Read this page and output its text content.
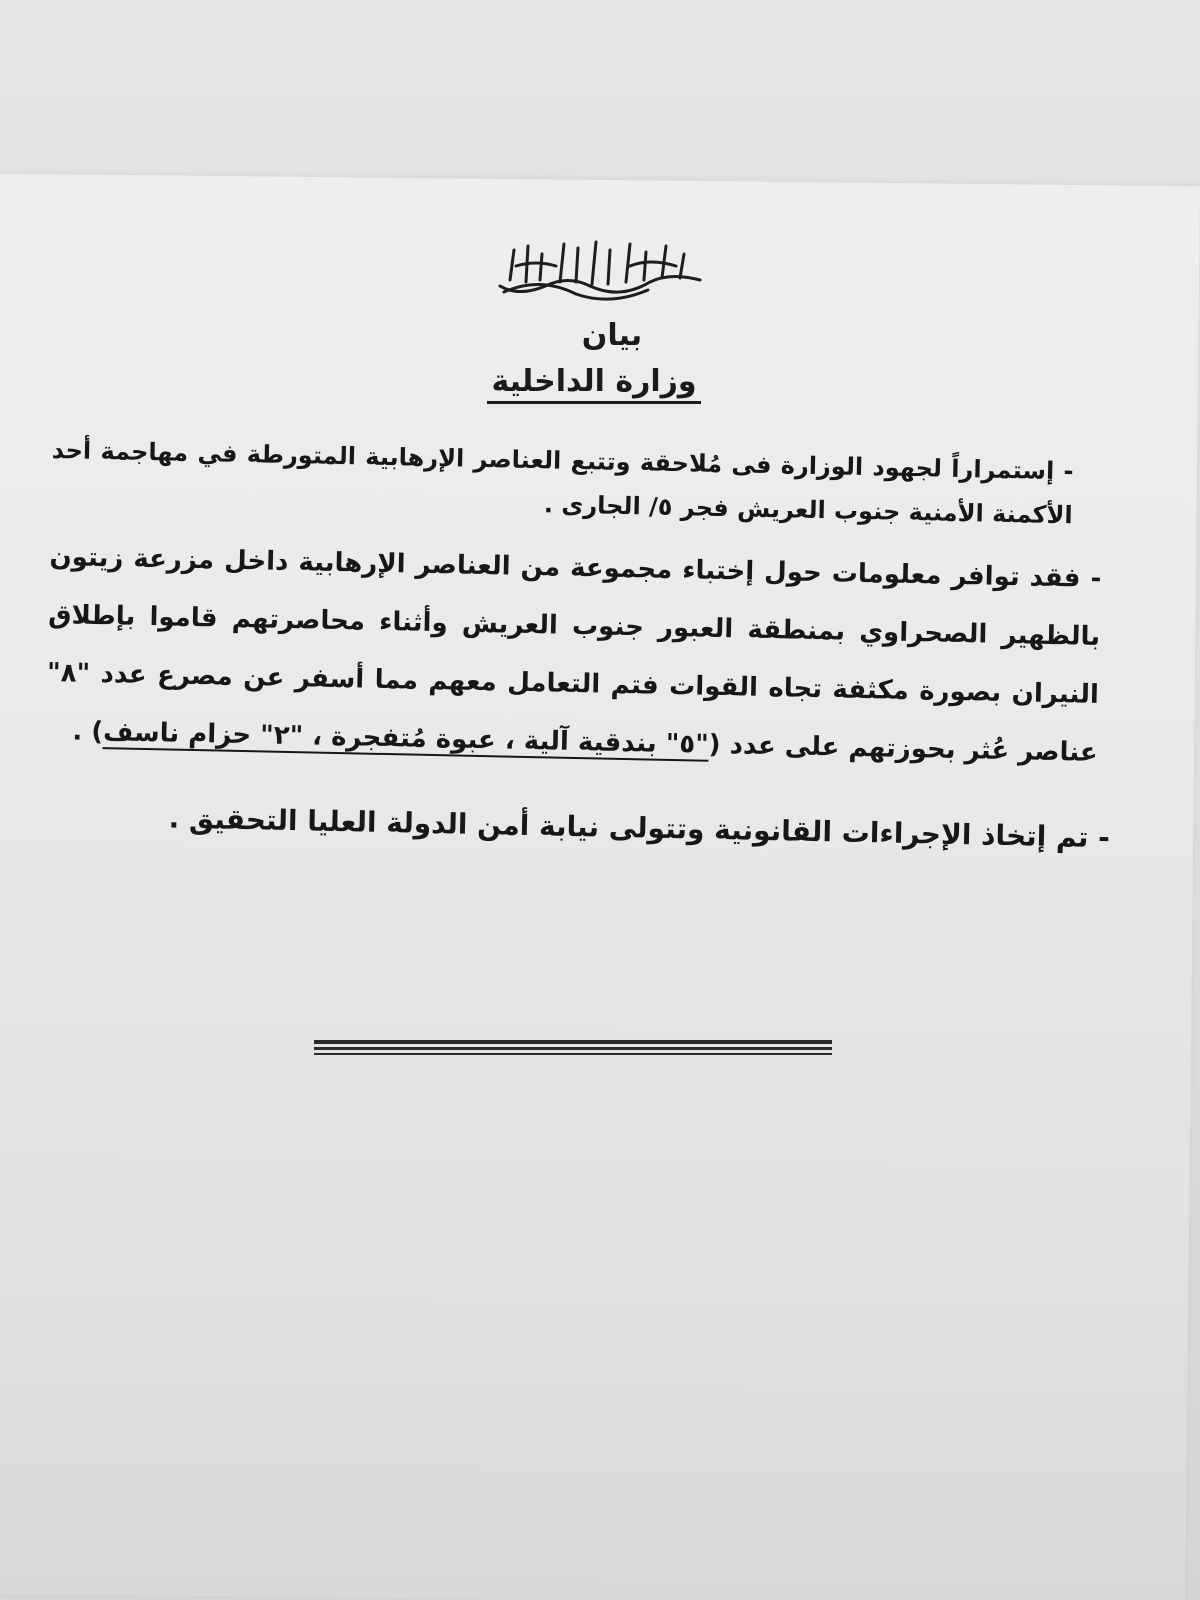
بيان
وزارة الداخلية

- إستمراراً لجهود الوزارة فى مُلاحقة وتتبع العناصر الإرهابية المتورطة في مهاجمة أحد الأكمنة الأمنية جنوب العريش فجر ٥/ الجارى .

- فقد توافر معلومات حول إختباء مجموعة من العناصر الإرهابية داخل مزرعة زيتون بالظهير الصحراوي بمنطقة العبور جنوب العريش وأثناء محاصرتهم قاموا بإطلاق النيران بصورة مكثفة تجاه القوات فتم التعامل معهم مما أسفر عن مصرع عدد "٨" عناصر عُثر بحوزتهم على عدد ("٥" بندقية آلية ، عبوة مُتفجرة ، "٢" حزام ناسف) .

- تم إتخاذ الإجراءات القانونية وتتولى نيابة أمن الدولة العليا التحقيق .
